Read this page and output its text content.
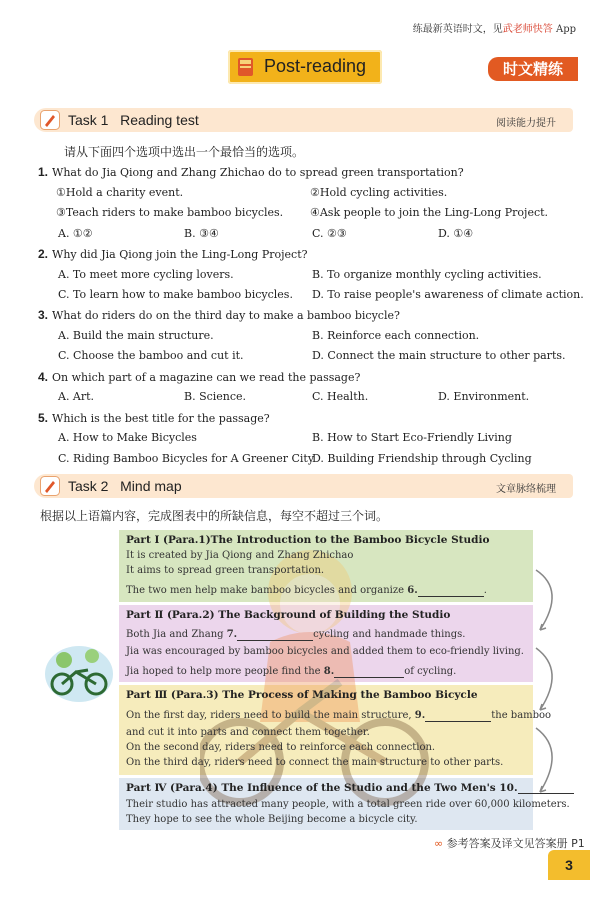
练最新英语时文，见武老师快答 App
Post-reading	时文精练
Task 1 Reading test	阅读能力提升
请从下面四个选项中选出一个最恰当的选项。
1. What do Jia Qiong and Zhang Zhichao do to spread green transportation?
①Hold a charity event.	②Hold cycling activities.
③Teach riders to make bamboo bicycles. ④Ask people to join the Ling-Long Project.
A. ①②	B. ③④	C. ②③	D. ①④
2. Why did Jia Qiong join the Ling-Long Project?
A. To meet more cycling lovers.	B. To organize monthly cycling activities.
C. To learn how to make bamboo bicycles. D. To raise people's awareness of climate action.
3. What do riders do on the third day to make a bamboo bicycle?
A. Build the main structure.	B. Reinforce each connection.
C. Choose the bamboo and cut it.	D. Connect the main structure to other parts.
4. On which part of a magazine can we read the passage?
A. Art.	B. Science.	C. Health.	D. Environment.
5. Which is the best title for the passage?
A. How to Make Bicycles	B. How to Start Eco-Friendly Living
C. Riding Bamboo Bicycles for A Greener City
D. Building Friendship through Cycling
Task 2 Mind map	文章脉络梳理
根据以上语篇内容，完成图表中的所缺信息，每空不超过三个词。
Part Ⅰ (Para.1)The Introduction to the Bamboo Bicycle Studio
It is created by Jia Qiong and Zhang Zhichao
It aims to spread green transportation.
The two men help make bamboo bicycles and organize 6.	.
Part Ⅱ (Para.2) The Background of Building the Studio
Both Jia and Zhang 7.	cycling and handmade things.
Jia was encouraged by bamboo bicycles and added them to eco-friendly living.
Jia hoped to help more people find the 8.	of cycling.
Part Ⅲ (Para.3) The Process of Making the Bamboo Bicycle
On the first day, riders need to build the main structure, 9.	the bamboo
and cut it into parts and connect them together.
On the second day, riders need to reinforce each connection.
On the third day, riders need to connect the main structure to other parts.
Part Ⅳ (Para.4) The Influence of the Studio and the Two Men's 10.
Their studio has attracted many people, with a total green ride over 60,000 kilometers.
They hope to see the whole Beijing become a bicycle city.
∞ 参考答案及译文见答案册 P1
3
